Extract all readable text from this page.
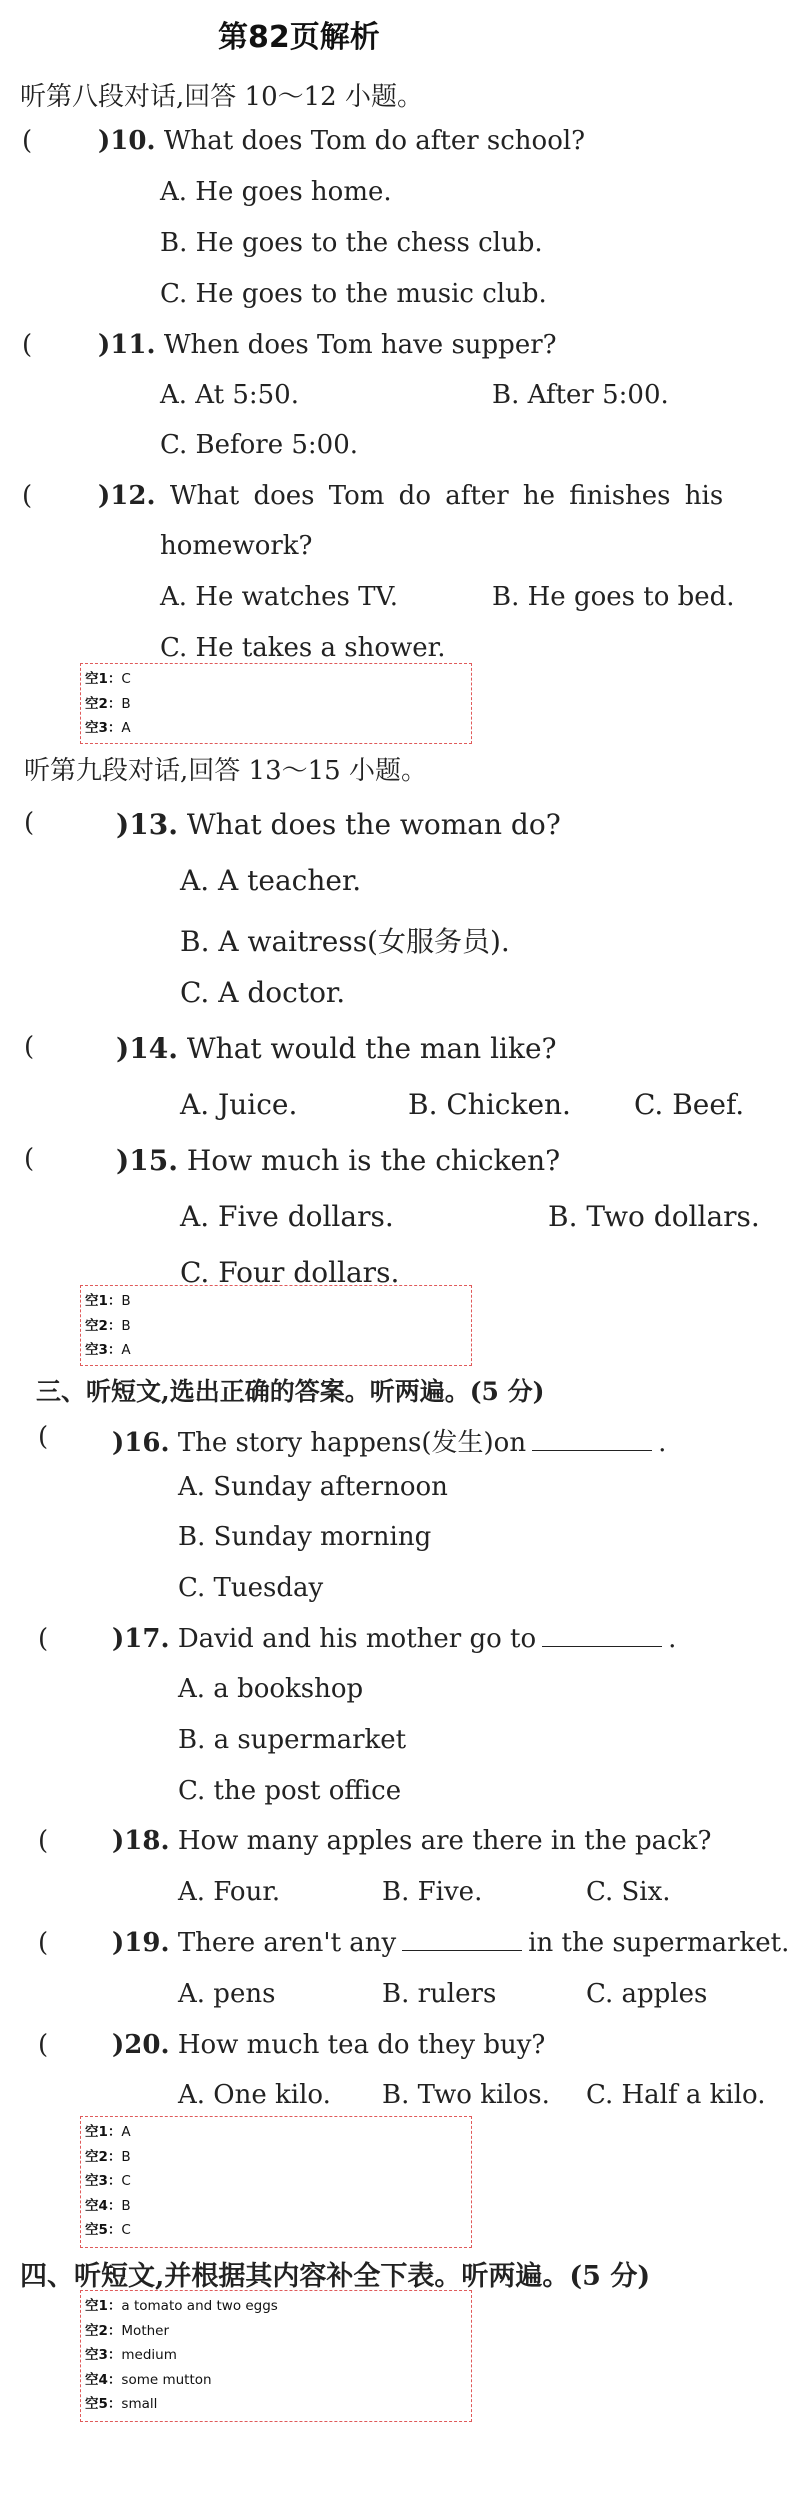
第82页解析
听第八段对话,回答 10～12 小题。
(	)10. What does Tom do after school?
A. He goes home.
B. He goes to the chess club.
C. He goes to the music club.
(	)11. When does Tom have supper?
A. At 5:50.	B. After 5:00.
C. Before 5:00.
(	)12. What does Tom do after he finishes his
homework?
A. He watches TV.	B. He goes to bed.
C. He takes a shower.
空1：C
空2：B
空3：A
听第九段对话,回答 13～15 小题。
(	)13. What does the woman do?
A. A teacher.
B. A waitress(女服务员).
C. A doctor.
(	)14. What would the man like?
A. Juice.	B. Chicken. C. Beef.
(	)15. How much is the chicken?
A. Five dollars.	B. Two dollars.
C. Four dollars.
空1：B
空2：B
空3：A
三、听短文,选出正确的答案。听两遍。(5 分)
( )16. The story happens(发生)on	.
A. Sunday afternoon
B. Sunday morning
C. Tuesday
( )17. David and his mother go to	.
A. a bookshop
B. a supermarket
C. the post office
( )18. How many apples are there in the pack?
A. Four.	B. Five.	C. Six.
( )19. There aren't any	in the supermarket.
A. pens	B. rulers	C. apples
( )20. How much tea do they buy?
A. One kilo. B. Two kilos. C. Half a kilo.
空1：A
空2：B
空3：C
空4：B
空5：C
四、听短文,并根据其内容补全下表。听两遍。(5 分)
空1：a tomato and two eggs
空2：Mother
空3：medium
空4：some mutton
空5：small
